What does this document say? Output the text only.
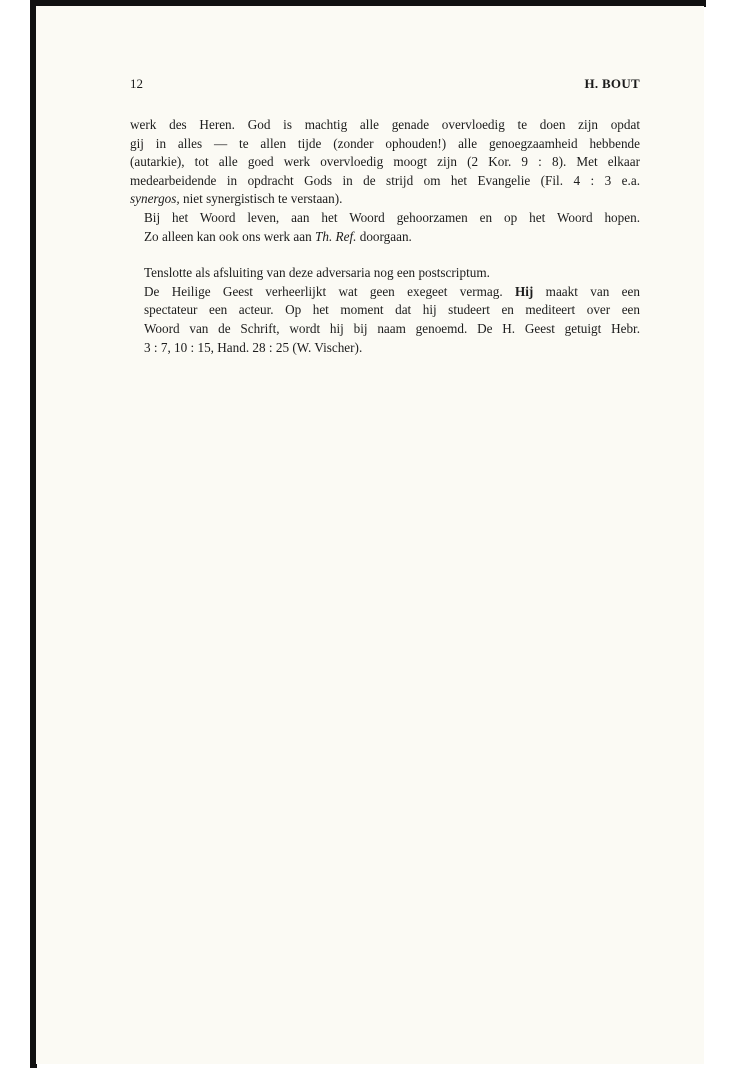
12	H. BOUT

werk des Heren. God is machtig alle genade overvloedig te doen zijn opdat
gij in alles — te allen tijde (zonder ophouden!) alle genoegzaamheid hebbende
(autarkie), tot alle goed werk overvloedig moogt zijn (2 Kor. 9 : 8). Met elkaar
medearbeidende in opdracht Gods in de strijd om het Evangelie (Fil. 4 : 3 e.a.
synergos, niet synergistisch te verstaan).

Bij het Woord leven, aan het Woord gehoorzamen en op het Woord hopen.
Zo alleen kan ook ons werk aan Th. Ref. doorgaan.

Tenslotte als afsluiting van deze adversaria nog een postscriptum.

De Heilige Geest verheerlijkt wat geen exegeet vermag. Hij maakt van een
spectateur een acteur. Op het moment dat hij studeert en mediteert over een
Woord van de Schrift, wordt hij bij naam genoemd. De H. Geest getuigt Hebr.
3 : 7, 10 : 15, Hand. 28 : 25 (W. Vischer).
